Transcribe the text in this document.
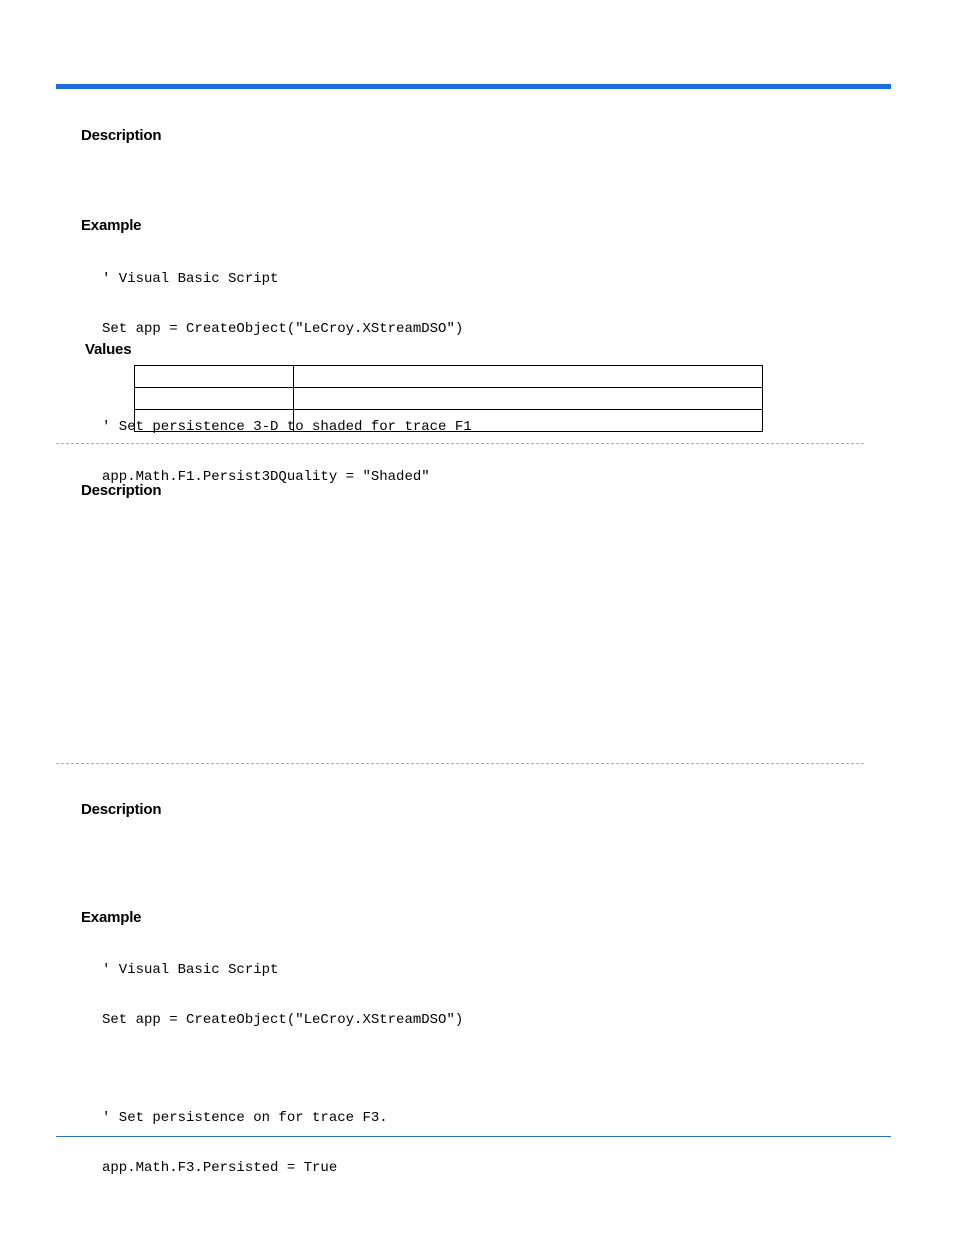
Description
Example

' Visual Basic Script

Set app = CreateObject("LeCroy.XStreamDSO")

' Set persistence 3-D to shaded for trace F1

app.Math.F1.Persist3DQuality = "Shaded"

Values

Description
Description
Example

' Visual Basic Script

Set app = CreateObject("LeCroy.XStreamDSO")

' Set persistence on for trace F3.

app.Math.F3.Persisted = True
